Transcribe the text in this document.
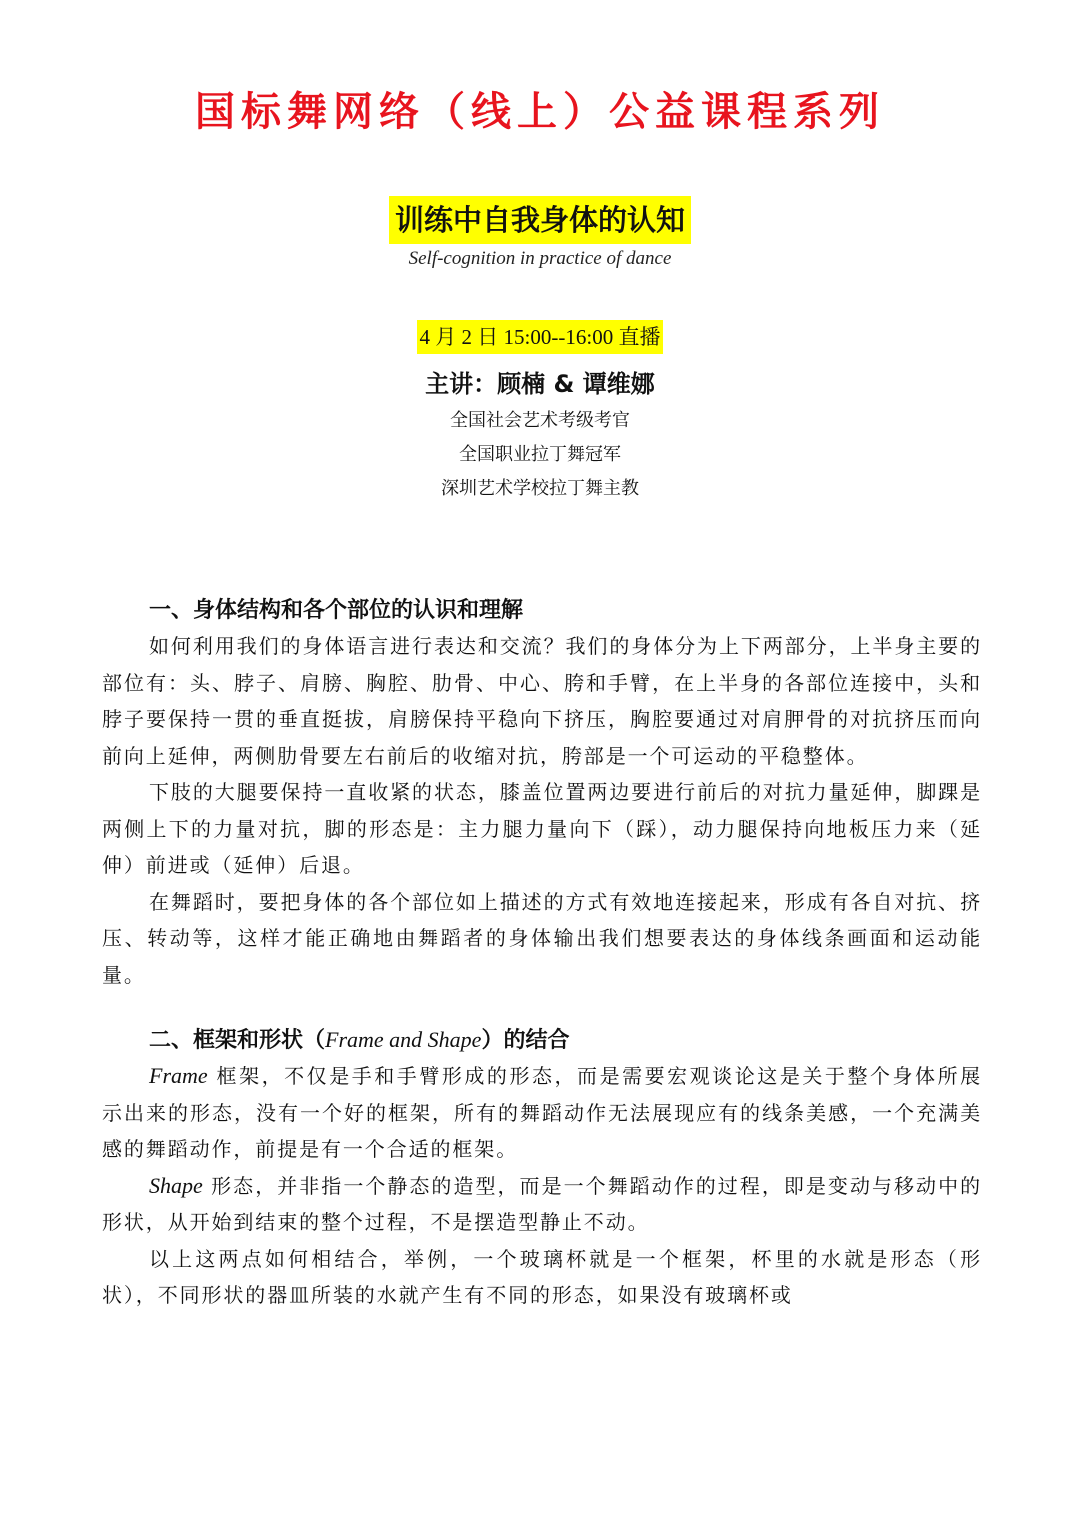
国标舞网络（线上）公益课程系列
训练中自我身体的认知
Self-cognition in practice of dance
4 月 2 日 15:00--16:00 直播
主讲：顾楠 & 谭维娜
全国社会艺术考级考官
全国职业拉丁舞冠军
深圳艺术学校拉丁舞主教
一、身体结构和各个部位的认识和理解

如何利用我们的身体语言进行表达和交流？我们的身体分为上下两部分，上半身主要的部位有：头、脖子、肩膀、胸腔、肋骨、中心、胯和手臂，在上半身的各部位连接中，头和脖子要保持一贯的垂直挺拔，肩膀保持平稳向下挤压，胸腔要通过对肩胛骨的对抗挤压而向前向上延伸，两侧肋骨要左右前后的收缩对抗，胯部是一个可运动的平稳整体。

下肢的大腿要保持一直收紧的状态，膝盖位置两边要进行前后的对抗力量延伸，脚踝是两侧上下的力量对抗，脚的形态是：主力腿力量向下（踩），动力腿保持向地板压力来（延伸）前进或（延伸）后退。

在舞蹈时，要把身体的各个部位如上描述的方式有效地连接起来，形成有各自对抗、挤压、转动等，这样才能正确地由舞蹈者的身体输出我们想要表达的身体线条画面和运动能量。

二、框架和形状（Frame and Shape）的结合

Frame 框架，不仅是手和手臂形成的形态，而是需要宏观谈论这是关于整个身体所展示出来的形态，没有一个好的框架，所有的舞蹈动作无法展现应有的线条美感，一个充满美感的舞蹈动作，前提是有一个合适的框架。

Shape 形态，并非指一个静态的造型，而是一个舞蹈动作的过程，即是变动与移动中的形状，从开始到结束的整个过程，不是摆造型静止不动。

以上这两点如何相结合，举例，一个玻璃杯就是一个框架，杯里的水就是形态（形状），不同形状的器皿所装的水就产生有不同的形态，如果没有玻璃杯或
